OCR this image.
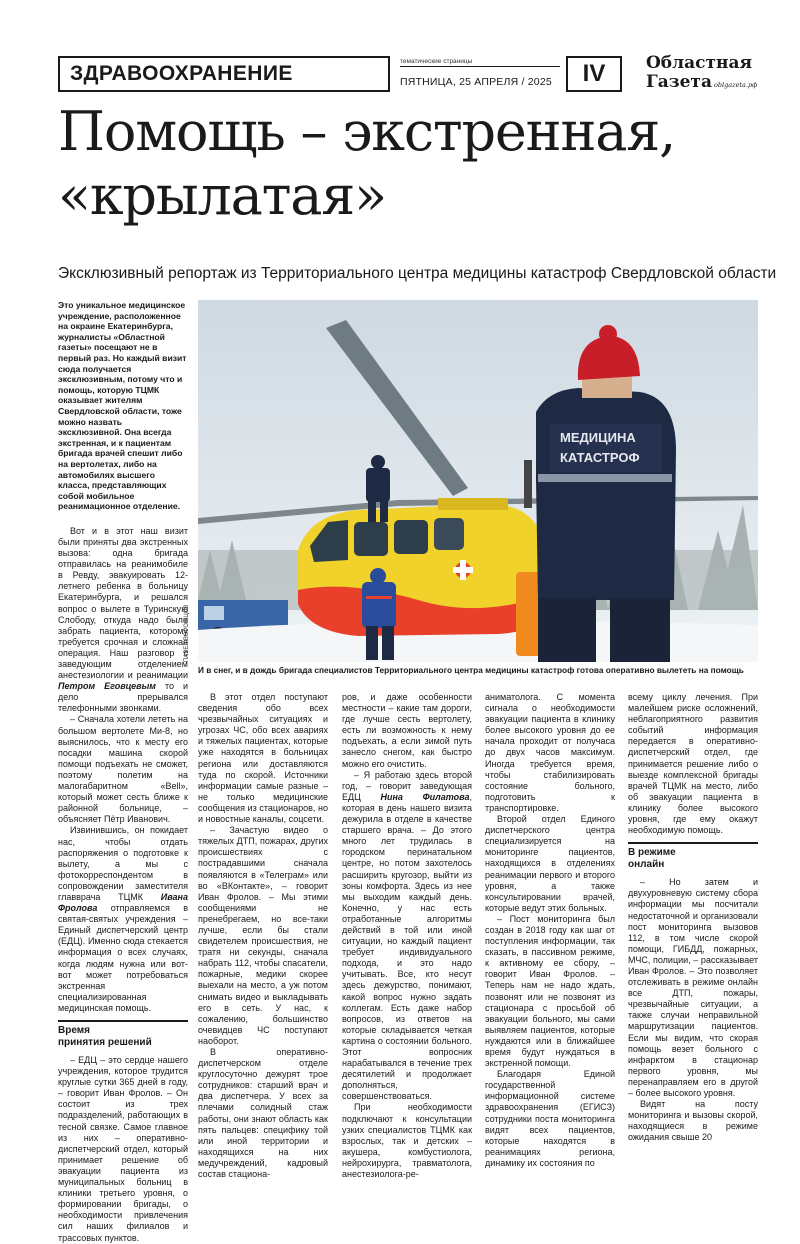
ЗДРАВООХРАНЕНИЕ
тематические страницы
ПЯТНИЦА, 25 АПРЕЛЯ / 2025	IV	Областная
Газета oblgazeta.рф
Помощь – экстренная,
«крылатая»
Эксклюзивный репортаж из Территориального центра медицины катастроф Свердловской области

Это уникальное медицинское учреждение, расположенное на окраине Екатеринбурга, журналисты «Областной газеты» посещают не в первый раз. Но каждый визит сюда получается эксклюзивным, потому что и помощь, которую ТЦМК оказывает жителям Свердловской области, тоже можно назвать эксклюзивной. Она всегда экстренная, и к пациентам бригада врачей спешит либо на вертолетах, либо на автомобилях высшего класса, представляющих собой мобильное реанимационное отделение.

Вот и в этот наш визит были приняты два экстренных вызова: одна бригада отправилась на реанимобиле в Ревду, эвакуировать 12-летнего ребенка в больницу Екатеринбурга, и решался вопрос о вылете в Туринскую Слободу, откуда надо было забрать пациента, которому требуется срочная и сложная операция. Наш разговор с заведующим отделением анестезиологии и реанимации Петром Еговцевым то и дело прерывался телефонными звонками.

– Сначала хотели лететь на большом вертолете Ми-8, но выяснилось, что к месту его посадки машина скорой помощи подъехать не сможет, поэтому полетим на малогабаритном «Bell», который может сесть ближе к районной больнице, – объясняет Пётр Иванович.

Извинившись, он покидает нас, чтобы отдать распоряжения о подготовке к вылету, а мы с фотокорреспондентом в сопровождении заместителя главврача ТЦМК Ивана Фролова отправляемся в святая-святых учреждения – Единый диспетчерский центр (ЕДЦ). Именно сюда стекается информация о всех случаях, когда людям нужна или вот-вот может потребоваться экстренная специализированная медицинская помощь.

Время
принятия решений

– ЕДЦ – это сердце нашего учреждения, которое трудится круглые сутки 365 дней в году, – говорит Иван Фролов. – Он состоит из трех подразделений, работающих в тесной связке. Самое главное из них – оперативно-диспетчерский отдел, который принимает решение об эвакуации пациента из муниципальных больниц в клиники третьего уровня, о формировании бригады, о необходимости привлечения сил наших филиалов и трассовых пунктов.

МЕДИЦИНА
КАТАСТРОФ
ПАВЕЛ ВОРОЖЦОВ
И в снег, и в дождь бригада специалистов Территориального центра медицины катастроф готова оперативно вылететь на помощь

В этот отдел поступают сведения обо всех чрезвычайных ситуациях и угрозах ЧС, обо всех авариях и тяжелых пациентах, которые уже находятся в больницах региона или доставляются туда по скорой. Источники информации самые разные – не только медицинские сообщения из стационаров, но и новостные каналы, соцсети.

– Зачастую видео о тяжелых ДТП, пожарах, других происшествиях с пострадавшими сначала появляются в «Телеграм» или во «ВКонтакте», – говорит Иван Фролов. – Мы этими сообщениями не пренебрегаем, но все-таки лучше, если бы стали свидетелем происшествия, не тратя ни секунды, сначала набрать 112, чтобы спасатели, пожарные, медики скорее выехали на место, а уж потом снимать видео и выкладывать его в сеть. У нас, к сожалению, большинство очевидцев ЧС поступают наоборот.

В оперативно-диспетчерском отделе круглосуточно дежурят трое сотрудников: старший врач и два диспетчера. У всех за плечами солидный стаж работы, они знают область как пять пальцев: специфику той или иной территории и находящихся на них медучреждений, кадровый состав стациона-

ров, и даже особенности местности – какие там дороги, где лучше сесть вертолету, есть ли возможность к нему подъехать, а если зимой путь занесло снегом, как быстро можно его очистить.

– Я работаю здесь второй год, – говорит заведующая ЕДЦ Нина Филатова, которая в день нашего визита дежурила в отделе в качестве старшего врача. – До этого много лет трудилась в городском перинатальном центре, но потом захотелось расширить кругозор, выйти из зоны комфорта. Здесь из нее мы выходим каждый день. Конечно, у нас есть отработанные алгоритмы действий в той или иной ситуации, но каждый пациент требует индивидуального подхода, и это надо учитывать. Все, кто несут здесь дежурство, понимают, какой вопрос нужно задать коллегам. Есть даже набор вопросов, из ответов на которые складывается четкая картина о состоянии больного. Этот вопросник нарабатывался в течение трех десятилетий и продолжает дополняться, совершенствоваться.

При необходимости подключают к консультации узких специалистов ТЦМК как взрослых, так и детских – акушера, комбустиолога, нейрохирурга, травматолога, анестезиолога-ре-

аниматолога. С момента сигнала о необходимости эвакуации пациента в клинику более высокого уровня до ее начала проходит от получаса до двух часов максимум. Иногда требуется время, чтобы стабилизировать состояние больного, подготовить к транспортировке.

Второй отдел Единого диспетчерского центра специализируется на мониторинге пациентов, находящихся в отделениях реанимации первого и второго уровня, а также консультировании врачей, которые ведут этих больных.

– Пост мониторинга был создан в 2018 году как шаг от поступления информации, так сказать, в пассивном режиме, к активному ее сбору, – говорит Иван Фролов. – Теперь нам не надо ждать, позвонят или не позвонят из стационара с просьбой об эвакуации больного, мы сами выявляем пациентов, которые нуждаются или в ближайшее время будут нуждаться в экстренной помощи.

Благодаря Единой государственной информационной системе здравоохранения (ЕГИСЗ) сотрудники поста мониторинга видят всех пациентов, которые находятся в реанимациях региона, динамику их состояния по

всему циклу лечения. При малейшем риске осложнений, неблагоприятного развития событий информация передается в оперативно-диспетчерский отдел, где принимается решение либо о выезде комплексной бригады врачей ТЦМК на место, либо об эвакуации пациента в клинику более высокого уровня, где ему окажут необходимую помощь.

В режиме
онлайн

– Но затем и двухуровневую систему сбора информации мы посчитали недостаточной и организовали пост мониторинга вызовов 112, в том числе скорой помощи, ГИБДД, пожарных, МЧС, полиции, – рассказывает Иван Фролов. – Это позволяет отслеживать в режиме онлайн все ДТП, пожары, чрезвычайные ситуации, а также случаи неправильной маршрутизации пациентов. Если мы видим, что скорая помощь везет больного с инфарктом в стационар первого уровня, мы перенаправляем его в другой – более высокого уровня.

Видят на посту мониторинга и вызовы скорой, находящиеся в режиме ожидания свыше 20
